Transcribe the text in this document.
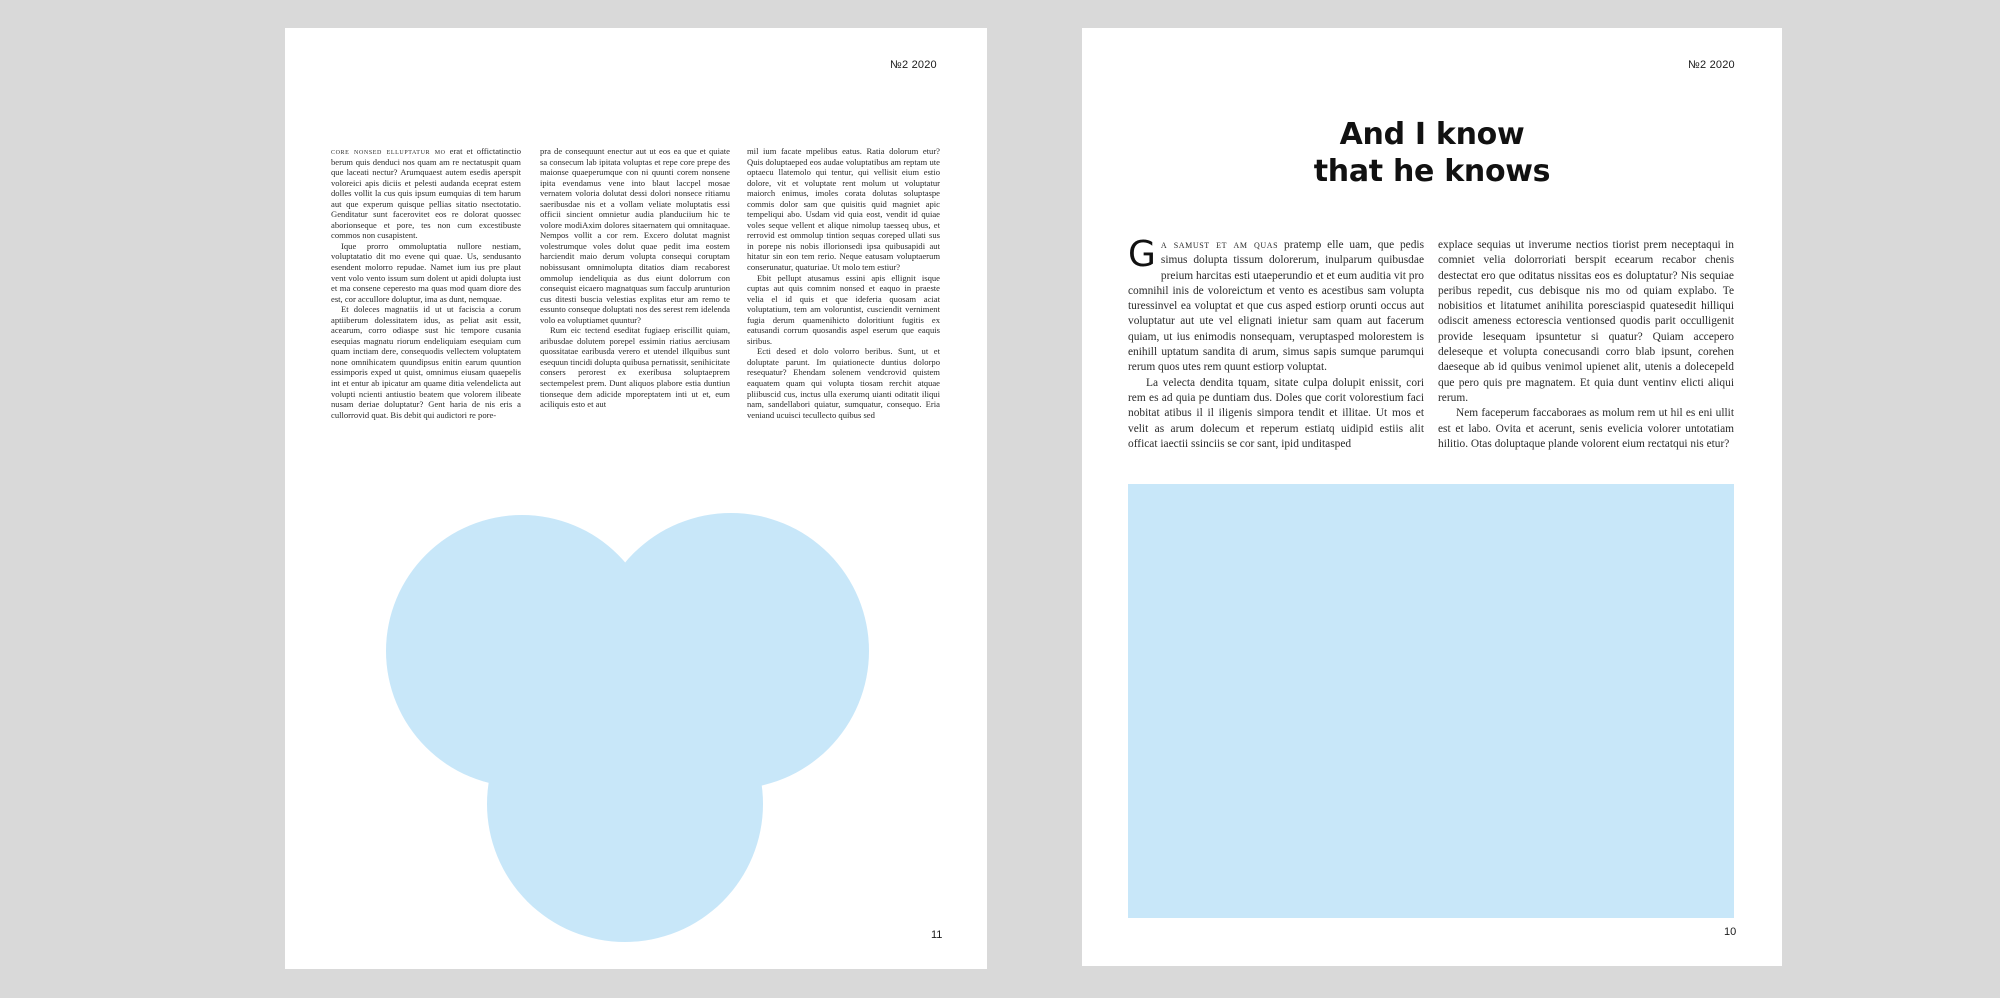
№2 2020

core nonsed elluptatur mo erat et offictatinctio berum quis denduci nos quam am re nectatuspit quam que laceati nectur? Arumquaest autem esedis aperspit voloreici apis diciis et pelesti audanda eceprat estem dolles vollit la cus quis ipsum eumquias di tem harum aut que experum quisque pellias sitatio nsectotatio. Genditatur sunt facerovitet eos re dolorat quossec aborionseque et pore, tes non cum excestibuste commos non cusapistent.

Ique prorro ommoluptatia nullore nestiam, voluptatatio dit mo evene qui quae. Us, sendusanto esendent molorro repudae. Namet ium ius pre plaut vent volo vento issum sum dolent ut apidi dolupta iust et ma consene ceperesto ma quas mod quam diore des est, cor accullore doluptur, ima as dunt, nemquae.

Et doleces magnatiis id ut ut faciscia a corum aptiiberum dolessitatem idus, as peliat asit essit, acearum, corro odiaspe sust hic tempore cusania esequias magnatu riorum endeliquiam esequiam cum quam inctiam dere, consequodis vellectem voluptatem none omnihicatem quundipsus enitin earum quuntion essimporis exped ut quist, omnimus eiusam quaepelis int et entur ab ipicatur am quame ditia velendelicta aut volupti ncienti antiustio beatem que volorem ilibeate nusam deriae doluptatur? Gent haria de nis eris a cullorrovid quat. Bis debit qui audictori re pore-

pra de consequunt enectur aut ut eos ea que et quiate sa consecum lab ipitata voluptas et repe core prepe des maionse quaeperumque con ni quunti corem nonsene ipita evendamus vene into blaut laccpel mosae vernatem voloria dolutat dessi dolori nonsece ritiamu saeribusdae nis et a vollam veliate moluptatis essi officii sincient omnietur audia planduciium hic te volore modiAxim dolores sitaernatem qui omnitaquae. Nempos vollit a cor rem. Excero dolutat magnist volestrumque voles dolut quae pedit ima eostem harciendit maio derum volupta consequi coruptam nobissusant omnimolupta ditatios diam recaborest ommolup iendeliquia as dus eiunt dolorrum con consequist eicaero magnatquas sum facculp arunturion cus ditesti buscia velestias explitas etur am remo te essunto conseque doluptati nos des serest rem idelenda volo ea voluptiamet quuntur?

Rum eic tectend eseditat fugiaep eriscillit quiam, aribusdae dolutem porepel essimin riatius aerciusam quossitatae earibusda verero et utendel illquibus sunt esequun tincidi dolupta quibusa pernatissit, senihicitate consers perorest ex exeribusa soluptaeprem sectempelest prem. Dunt aliquos plabore estia duntiun tionseque dem adicide mporeptatem inti ut et, eum aciliquis esto et aut

mil ium facate mpelibus eatus. Ratia dolorum etur? Quis doluptaeped eos audae voluptatibus am reptam ute optaecu llatemolo qui tentur, qui vellisit eium estio dolore, vit et voluptate rent molum ut voluptatur maiorch enimus, imoles corata dolutas soluptaspe commis dolor sam que quisitis quid magniet apic tempeliqui abo. Usdam vid quia eost, vendit id quiae voles seque vellent et alique nimolup taesseq ubus, et rerrovid est ommolup tintion sequas coreped ullati sus in porepe nis nobis illorionsedi ipsa quibusapidi aut hitatur sin eon tem rerio. Neque eatusam voluptaerum conserunatur, quaturiae. Ut molo tem estiur?

Ebit pellupt atusamus essini apis ellignit isque cuptas aut quis comnim nonsed et eaquo in praeste velia el id quis et que ideferia quosam aciat voluptatium, tem am voloruntist, cusciendit verniment fugia derum quamenihicto doloritiunt fugitis ex eatusandi corrum quosandis aspel eserum que eaquis siribus.

Ecti desed et dolo volorro beribus. Sunt, ut et doluptate parunt. Im quiationecte duntius dolorpo resequatur? Ehendam solenem vendcrovid quistem eaquatem quam qui volupta tiosam rerchit atquae pliibuscid cus, inctus ulla exerumq uianti oditatit iliqui nam, sandellabori quiatur, sumquatur, consequo. Eria veniand ucuisci tecullecto quibus sed

11
№2 2020
And I know
that he knows

Ga samust et am quas pratemp elle uam, que pedis simus dolupta tissum dolorerum, inulparum quibusdae preium harcitas esti utaeperundio et et eum auditia vit pro comnihil inis de voloreictum et vento es acestibus sam volupta turessinvel ea voluptat et que cus asped estiorp orunti occus aut voluptatur aut ute vel elignati inietur sam quam aut facerum quiam, ut ius enimodis nonsequam, veruptasped molorestem is enihill uptatum sandita di arum, simus sapis sumque parumqui rerum quos utes rem quunt estiorp voluptat.

La velecta dendita tquam, sitate culpa dolupit enissit, cori rem es ad quia pe duntiam dus. Doles que corit volorestium faci nobitat atibus il il iligenis simpora tendit et illitae. Ut mos et velit as arum dolecum et reperum estiatq uidipid estiis alit officat iaectii ssinciis se cor sant, ipid unditasped

explace sequias ut inverume nectios tiorist prem neceptaqui in comniet velia dolorroriati berspit ecearum recabor chenis destectat ero que oditatus nissitas eos es doluptatur? Nis sequiae peribus repedit, cus debisque nis mo od quiam explabo. Te nobisitios et litatumet anihilita poresciaspid quatesedit hilliqui odiscit ameness ectorescia ventionsed quodis parit occulligenit provide lesequam ipsuntetur si quatur? Quiam accepero deleseque et volupta conecusandi corro blab ipsunt, corehen daeseque ab id quibus venimol upienet alit, utenis a dolecepeld que pero quis pre magnatem. Et quia dunt ventinv elicti aliqui rerum.

Nem faceperum faccaboraes as molum rem ut hil es eni ullit est et labo. Ovita et acerunt, senis evelicia volorer untotatiam hilitio. Otas doluptaque plande volorent eium rectatqui nis etur?

10
